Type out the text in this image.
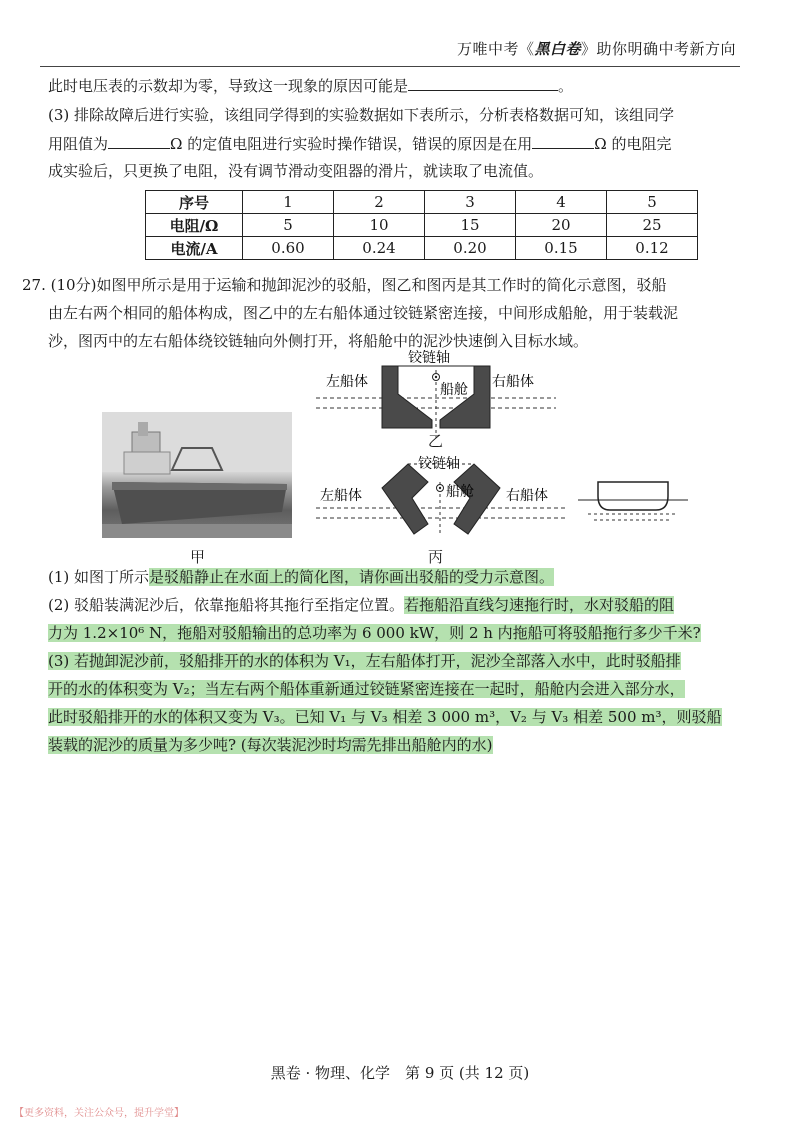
万唯中考《黑白卷》助你明确中考新方向
此时电压表的示数却为零，导致这一现象的原因可能是	。
(3) 排除故障后进行实验，该组同学得到的实验数据如下表所示，分析表格数据可知，该组同学
用阻值为	Ω 的定值电阻进行实验时操作错误，错误的原因是在用	Ω 的电阻完
成实验后，只更换了电阻，没有调节滑动变阻器的滑片，就读取了电流值。
序号	1	2	3	4	5
电阻/Ω	5	10	15	20	25
电流/A	0.60	0.24	0.20	0.15	0.12
27. (10分)如图甲所示是用于运输和抛卸泥沙的驳船，图乙和图丙是其工作时的简化示意图，驳船
由左右两个相同的船体构成，图乙中的左右船体通过铰链紧密连接，中间形成船舱，用于装载泥
沙，图丙中的左右船体绕铰链轴向外侧打开，将船舱中的泥沙快速倒入目标水域。
甲
铰链轴
左船体	右船体
船舱
乙
铰链轴
左船体	右船体
船舱
丙
(1) 如图丁所示是驳船静止在水面上的简化图，请你画出驳船的受力示意图。
(2) 驳船装满泥沙后，依靠拖船将其拖行至指定位置。若拖船沿直线匀速拖行时，水对驳船的阻
力为 1.2×10⁶ N，拖船对驳船输出的总功率为 6 000 kW，则 2 h 内拖船可将驳船拖行多少千米?
(3) 若抛卸泥沙前，驳船排开的水的体积为 V₁，左右船体打开，泥沙全部落入水中，此时驳船排
开的水的体积变为 V₂；当左右两个船体重新通过铰链紧密连接在一起时，船舱内会进入部分水，
此时驳船排开的水的体积又变为 V₃。已知 V₁ 与 V₃ 相差 3 000 m³，V₂ 与 V₃ 相差 500 m³，则驳船
装载的泥沙的质量为多少吨? (每次装泥沙时均需先排出船舱内的水)
黑卷 · 物理、化学　第 9 页 (共 12 页)
【更多资料，关注公众号，提升学堂】
